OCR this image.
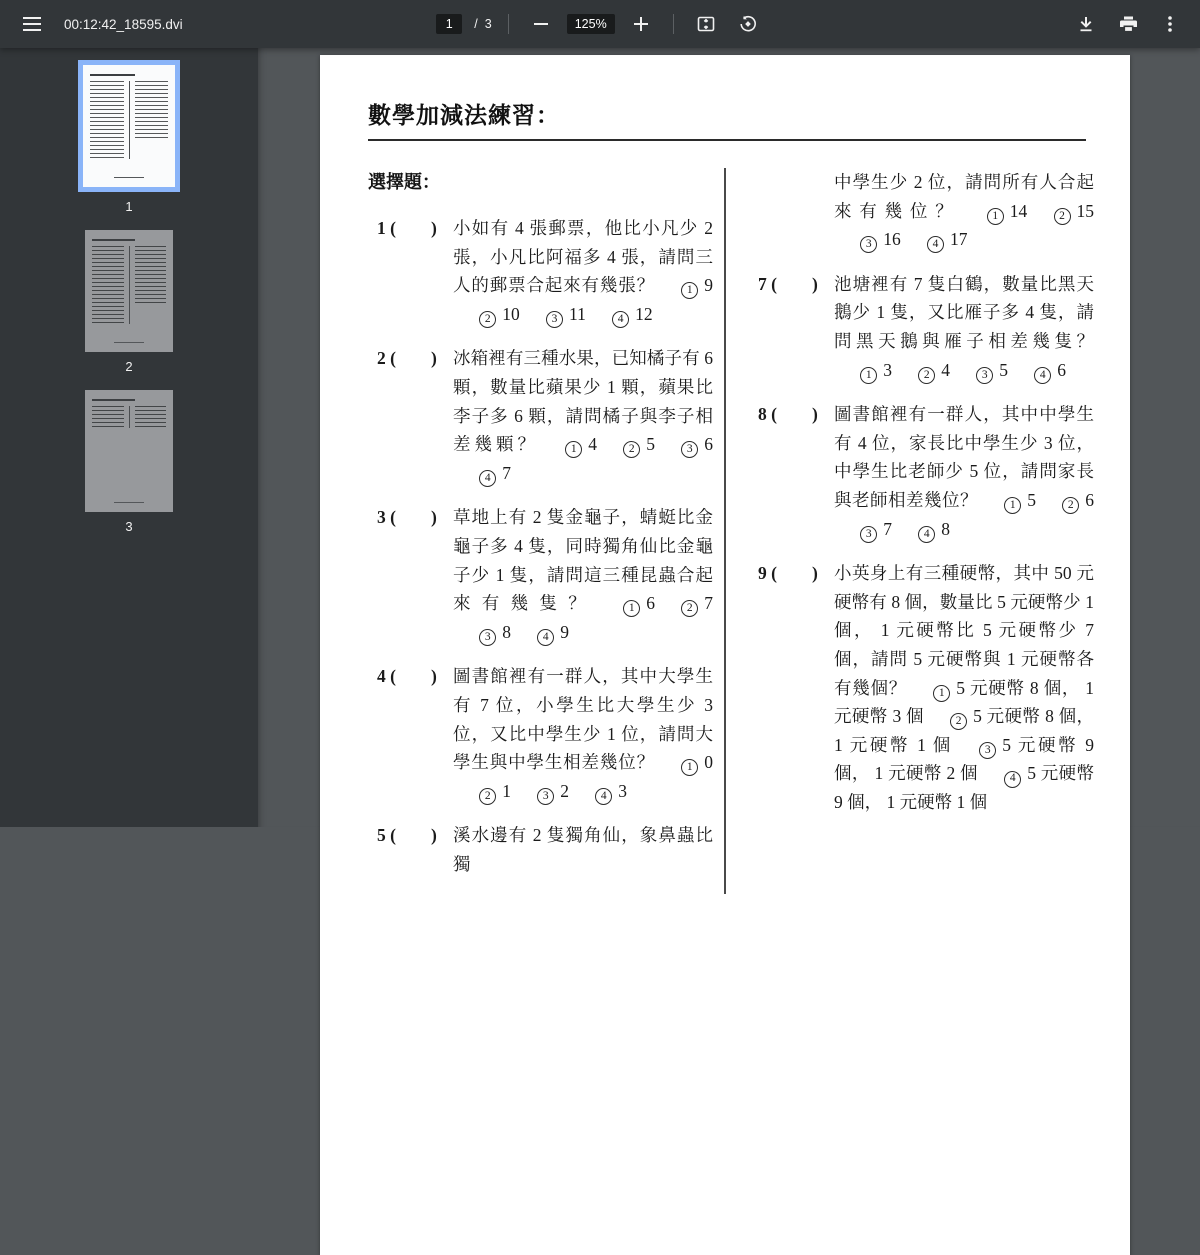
00:12:42_18595.dvi
1	/ 3	125%
1
2
3
數學加減法練習：
選擇題：
1 (　　) 小如有 4 張郵票，他比小凡少 2 張，小凡比阿福多 4 張，請問三人的郵票合起來有幾張？	1 92 10	3 11	4 12
2 (　　) 冰箱裡有三種水果，已知橘子有 6 顆，數量比蘋果少 1 顆，蘋果比李子多 6 顆，請問橘子與李子相差幾顆？	1 4	2 5	3 64 7
3 (　　) 草地上有 2 隻金龜子，蜻蜓比金龜子多 4 隻，同時獨角仙比金龜子少 1 隻，請問這三種昆蟲合起來有幾隻？	1 6	2 73 8	4 9
4 (　　) 圖書館裡有一群人，其中大學生有 7 位，小學生比大學生少 3 位，又比中學生少 1 位，請問大學生與中學生相差幾位？	1 02 1	3 2	4 3
5 (　　) 溪水邊有 2 隻獨角仙，象鼻蟲比獨
中學生少 2 位，請問所有人合起來有幾位？	1 14	2 153 16	4 17
7 (　　) 池塘裡有 7 隻白鶴，數量比黑天鵝少 1 隻，又比雁子多 4 隻，請問黑天鵝與雁子相差幾隻？1 3	2 4	3 5	4 6
8 (　　) 圖書館裡有一群人，其中中學生有 4 位，家長比中學生少 3 位，中學生比老師少 5 位，請問家長與老師相差幾位？	1 5	2 63 7	4 8
9 (　　) 小英身上有三種硬幣，其中 50 元硬幣有 8 個，數量比 5 元硬幣少 1 個， 1 元硬幣比 5 元硬幣少 7 個，請問 5 元硬幣與 1 元硬幣各有幾個？	1 5 元硬幣 8 個， 1 元硬幣 3 個	2 5 元硬幣 8 個， 1 元硬幣 1 個	3 5 元硬幣 9 個， 1 元硬幣 2 個	4 5 元硬幣 9 個， 1 元硬幣 1 個
